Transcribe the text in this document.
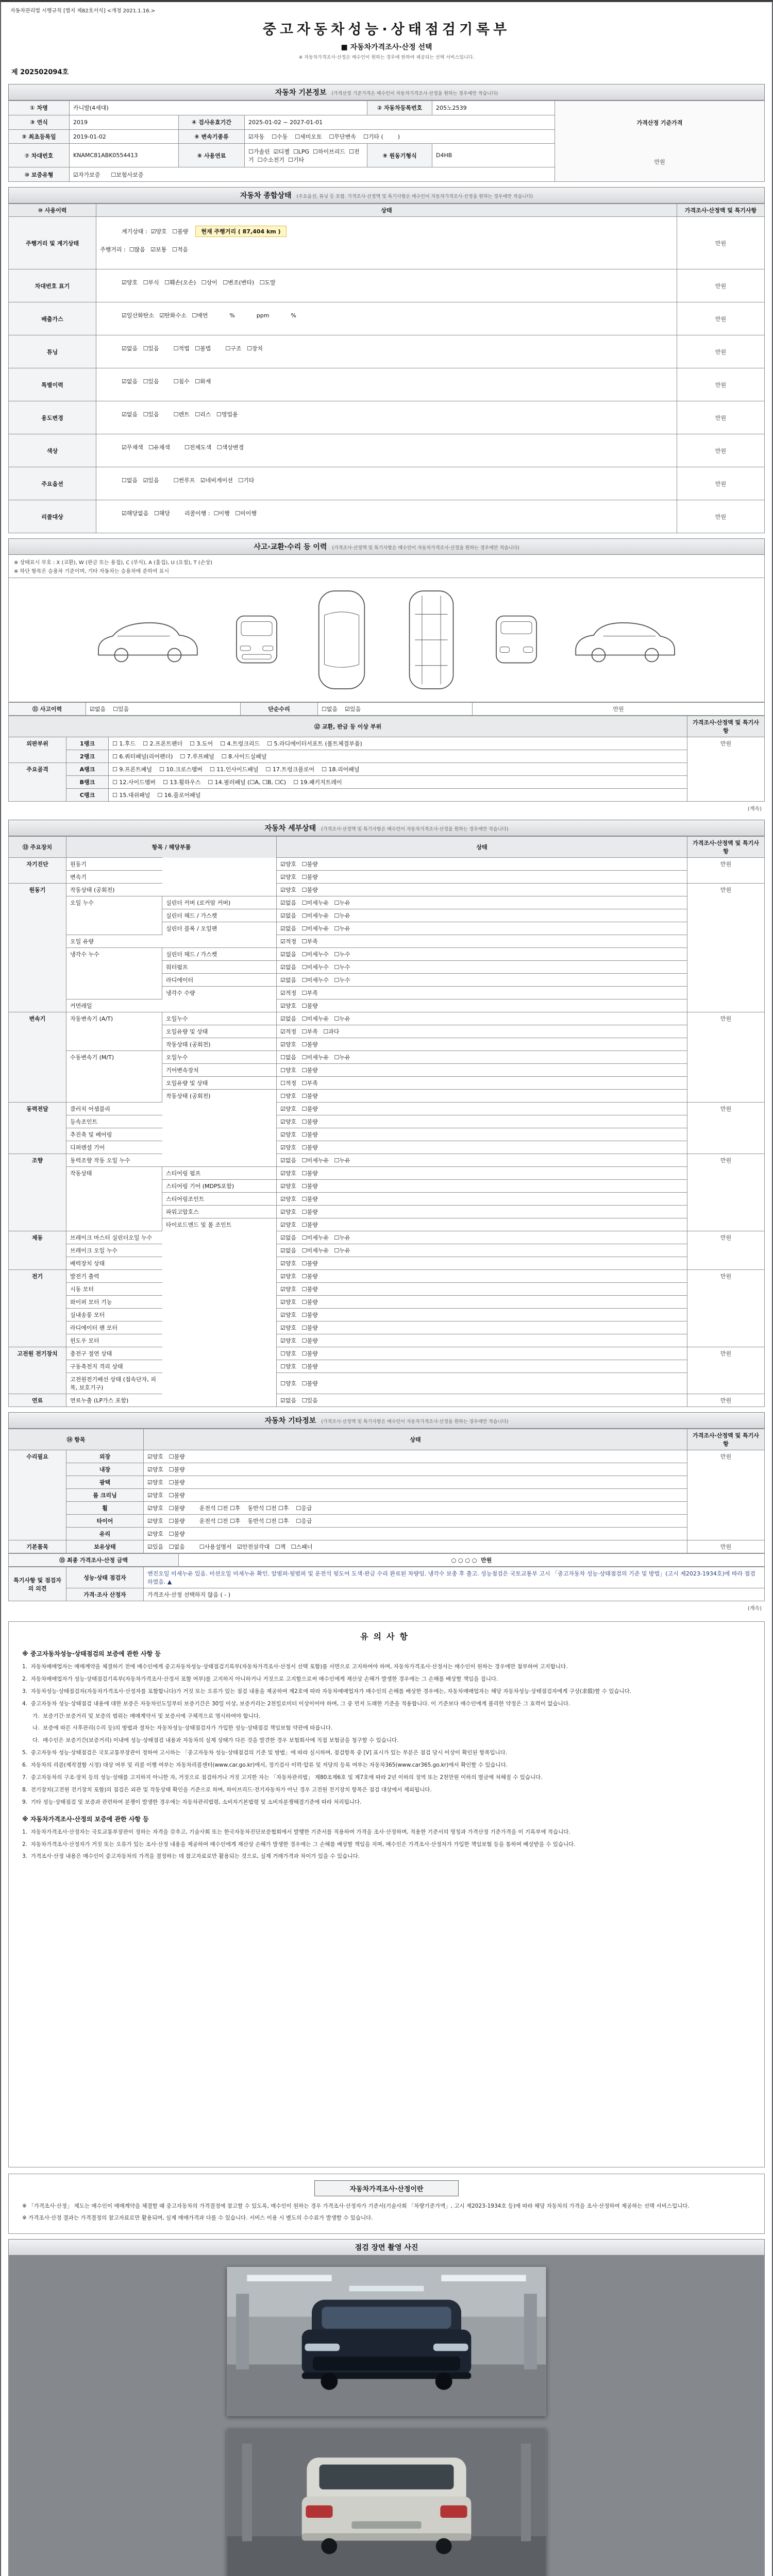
자동차관리법 시행규칙 [별지 제82호서식] <개정 2021.1.16.>
중고자동차성능·상태점검기록부
■ 자동차가격조사·산정 선택
※ 자동차가격조사·산정은 매수인이 원하는 경우에 한하여 제공되는 선택 서비스입니다.
제 202502094호
자동차 기본정보 (가격산정 기준가격은 매수인이 자동차가격조사·산정을 원하는 경우에만 적습니다)
① 차명	카니발(4세대)			② 자동차등록번호	205노2539	가격산정 기준가격

만원

③ 연식	2019	④ 검사유효기간	2025-01-02 ~ 2027-01-01			
⑤ 최초등록일	2019-01-02	⑥ 변속기종류	☑자동    ☐수동    ☐세미오토    ☐무단변속    ☐기타 (        )			
⑦ 차대번호	KNAMC81ABK0554413	⑧ 사용연료	☐가솔린  ☑디젤  ☐LPG  ☐하이브리드  ☐전기  ☐수소전기  ☐기타	⑨ 원동기형식	D4HB	
⑩ 보증유형	☑자가보증      ☐보험사보증					
자동차 종합상태 (주요옵션, 튜닝 등 포함. 가격조사·산정액 및 특기사항은 매수인이 자동차가격조사·산정을 원하는 경우에만 적습니다)
⑩ 사용이력	상태	가격조사·산정액 및 특기사항
주행거리 및 계기상태	계기상태 :  ☑양호   ☐불량 현재 주행거리 ( 87,404 km )

주행거리 :  ☐많음   ☑보통   ☐적음	만원
차대번호 표기	☑양호   ☐부식   ☐훼손(오손)   ☐상이   ☐변조(변타)   ☐도말	만원
배출가스	☑일산화탄소   ☑탄화수소   ☐매연            %            ppm            %	만원
튜닝	☑없음   ☐있음        ☐적법   ☐불법        ☐구조   ☐장치	만원
특별이력	☑없음   ☐있음        ☐침수   ☐화재	만원
용도변경	☑없음   ☐있음        ☐렌트   ☐리스   ☐영업용	만원
색상	☑무채색   ☐유채색        ☐전체도색   ☐색상변경	만원
주요옵션	☐없음   ☑있음        ☐썬루프   ☑네비게이션   ☐기타	만원
리콜대상	☑해당없음   ☐해당        리콜이행 :  ☐이행   ☐미이행	만원
사고·교환·수리 등 이력 (가격조사·산정액 및 특기사항은 매수인이 자동차가격조사·산정을 원하는 경우에만 적습니다)
※ 상태표시 부호 : X (교환), W (판금 또는 용접), C (부식), A (흠집), U (요철), T (손상)
※ 하단 항목은 승용차 기준이며, 기타 자동차는 승용차에 준하여 표시
⑪ 사고이력	☑없음    ☐있음	단순수리	☐없음    ☑있음	만원
⑫ 교환, 판금 등 이상 부위			가격조사·산정액 및 특기사항
외판부위	1랭크	☐ 1.후드    ☐ 2.프론트펜더    ☐ 3.도어    ☐ 4.트렁크리드    ☐ 5.라디에이터서포트 (볼트체결부품)	만원
	2랭크	☐ 6.쿼터패널(리어펜더)    ☐ 7.루프패널    ☐ 8.사이드실패널	
주요골격	A랭크	☐ 9.프론트패널    ☐ 10.크로스멤버    ☐ 11.인사이드패널    ☐ 17.트렁크플로어    ☐ 18.리어패널	
	B랭크	☐ 12.사이드멤버    ☐ 13.휠하우스    ☐ 14.필러패널 (☐A, ☐B, ☐C)    ☐ 19.패키지트레이	
	C랭크	☐ 15.대쉬패널    ☐ 16.플로어패널	
(계속)
자동차 세부상태 (가격조사·산정액 및 특기사항은 매수인이 자동차가격조사·산정을 원하는 경우에만 적습니다)
⑬ 주요장치	항목 / 해당부품		상태	가격조사·산정액 및 특기사항
자기진단	원동기		☑양호   ☐불량	만원
	변속기		☑양호   ☐불량	
원동기	작동상태 (공회전)		☑양호   ☐불량	만원
	오일 누수	실린더 커버 (로커암 커버)	☑없음   ☐미세누유   ☐누유	
		실린더 헤드 / 가스켓	☑없음   ☐미세누유   ☐누유	
		실린더 블록 / 오일팬	☑없음   ☐미세누유   ☐누유	
	오일 유량		☑적정   ☐부족	
	냉각수 누수	실린더 헤드 / 가스켓	☑없음   ☐미세누수   ☐누수	
		워터펌프	☑없음   ☐미세누수   ☐누수	
		라디에이터	☑없음   ☐미세누수   ☐누수	
		냉각수 수량	☑적정   ☐부족	
	커먼레일		☑양호   ☐불량	
변속기	자동변속기 (A/T)	오일누수	☑없음   ☐미세누유   ☐누유	만원
		오일유량 및 상태	☑적정   ☐부족   ☐과다	
		작동상태 (공회전)	☑양호   ☐불량	
	수동변속기 (M/T)	오일누수	☐없음   ☐미세누유   ☐누유	
		기어변속장치	☐양호   ☐불량	
		오일유량 및 상태	☐적정   ☐부족	
		작동상태 (공회전)	☐양호   ☐불량	
동력전달	클러치 어셈블리		☑양호   ☐불량	만원
	등속조인트		☑양호   ☐불량	
	추진축 및 베어링		☑양호   ☐불량	
	디퍼렌셜 기어		☑양호   ☐불량	
조향	동력조향 작동 오일 누수		☑없음   ☐미세누유   ☐누유	만원
	작동상태	스티어링 펌프	☑양호   ☐불량	
		스티어링 기어 (MDPS포함)	☑양호   ☐불량	
		스티어링조인트	☑양호   ☐불량	
		파워고압호스	☑양호   ☐불량	
		타이로드엔드 및 볼 조인트	☑양호   ☐불량	
제동	브레이크 마스터 실린더오일 누수		☑없음   ☐미세누유   ☐누유	만원
	브레이크 오일 누수		☑없음   ☐미세누유   ☐누유	
	배력장치 상태		☑양호   ☐불량	
전기	발전기 출력		☑양호   ☐불량	만원
	시동 모터		☑양호   ☐불량	
	와이퍼 모터 기능		☑양호   ☐불량	
	실내송풍 모터		☑양호   ☐불량	
	라디에이터 팬 모터		☑양호   ☐불량	
	윈도우 모터		☑양호   ☐불량	
고전원 전기장치	충전구 절연 상태		☐양호   ☐불량	만원
	구동축전지 격리 상태		☐양호   ☐불량	
	고전원전기배선 상태 (접속단자, 피복, 보호기구)		☐양호   ☐불량	
연료	연료누출 (LP가스 포함)		☑없음   ☐있음	만원
자동차 기타정보 (가격조사·산정액 및 특기사항은 매수인이 자동차가격조사·산정을 원하는 경우에만 적습니다)
⑭ 항목		상태	가격조사·산정액 및 특기사항
수리필요	외장	☑양호   ☐불량	만원
	내장	☑양호   ☐불량	
	광택	☑양호   ☐불량	
	룸 크리닝	☑양호   ☐불량	
	휠	☑양호   ☐불량        운전석 ☐전 ☐후    동반석 ☐전 ☐후    ☐응급	
	타이어	☑양호   ☐불량        운전석 ☐전 ☐후    동반석 ☐전 ☐후    ☐응급	
	유리	☑양호   ☐불량	
기본품목	보유상태	☑있음   ☐없음        ☐사용설명서   ☑안전삼각대   ☐잭   ☐스패너	만원
⑮ 최종 가격조사·산정 금액	○ ○ ○ ○  만원
특기사항 및 점검자의 의견	성능·상태 점검자	엔진오일 미세누유 있음. 미션오일 미세누유 확인. 앞범퍼·뒷범퍼 및 운전석 뒷도어 도색·판금 수리 완료된 차량임. 냉각수 보충 후 출고. 성능점검은 국토교통부 고시 「중고자동차 성능·상태점검의 기준 및 방법」(고시 제2023-1934호)에 따라 점검하였음. ▲
	가격·조사 산정자	가격조사·산정 선택하지 않음 ( - )
(계속)
유의사항
※ 중고자동차성능·상태점검의 보증에 관한 사항 등

1.  자동차매매업자는 매매계약을 체결하기 전에 매수인에게 중고자동차성능·상태점검기록부(자동차가격조사·산정서 선택 포함)를 서면으로 고지하여야 하며, 자동차가격조사·산정서는 매수인이 원하는 경우에만 첨부하여 고지합니다.

2.  자동차매매업자가 성능·상태점검기록부(자동차가격조사·산정서 포함 여부)를 고지하지 아니하거나 거짓으로 고지함으로써 매수인에게 재산상 손해가 발생한 경우에는 그 손해를 배상할 책임을 집니다.

3.  자동차성능·상태점검자(자동차가격조사·산정자를 포함합니다)가 거짓 또는 오류가 있는 점검 내용을 제공하여 제2호에 따라 자동차매매업자가 매수인의 손해를 배상한 경우에는, 자동차매매업자는 해당 자동차성능·상태점검자에게 구상(求償)할 수 있습니다.

4.  중고자동차 성능·상태점검 내용에 대한 보증은 자동차인도일부터 보증기간은 30일 이상, 보증거리는 2천킬로미터 이상이어야 하며, 그 중 먼저 도래한 기준을 적용합니다. 이 기준보다 매수인에게 불리한 약정은 그 효력이 없습니다.

가.  보증기간·보증거리 및 보증의 범위는 매매계약서 및 보증서에 구체적으로 명시하여야 합니다.

나.  보증에 따른 사후관리(수리 등)의 방법과 절차는 자동차성능·상태점검자가 가입한 성능·상태점검 책임보험 약관에 따릅니다.

다.  매수인은 보증기간(보증거리) 이내에 성능·상태점검 내용과 자동차의 실제 상태가 다른 것을 발견한 경우 보험회사에 직접 보험금을 청구할 수 있습니다.

5.  중고자동차 성능·상태점검은 국토교통부장관이 정하여 고시하는 「중고자동차 성능·상태점검의 기준 및 방법」에 따라 실시하며, 점검항목 중 [V] 표시가 있는 부분은 점검 당시 이상이 확인된 항목입니다.

6.  자동차의 리콜(제작결함 시정) 대상 여부 및 리콜 이행 여부는 자동차리콜센터(www.car.go.kr)에서, 정기검사 이력·압류 및 저당의 등록 여부는 자동차365(www.car365.go.kr)에서 확인할 수 있습니다.

7.  중고자동차의 구조·장치 등의 성능·상태를 고지하지 아니한 자, 거짓으로 점검하거나 거짓 고지한 자는 「자동차관리법」 제80조제6호 및 제7호에 따라 2년 이하의 징역 또는 2천만원 이하의 벌금에 처해질 수 있습니다.

8.  전기장치(고전원 전기장치 포함)의 점검은 외관 및 작동상태 확인을 기준으로 하며, 하이브리드·전기자동차가 아닌 경우 고전원 전기장치 항목은 점검 대상에서 제외됩니다.

9.  기타 성능·상태점검 및 보증과 관련하여 분쟁이 발생한 경우에는 자동차관리법령, 소비자기본법령 및 소비자분쟁해결기준에 따라 처리됩니다.

※ 자동차가격조사·산정의 보증에 관한 사항 등

1.  자동차가격조사·산정자는 국토교통부장관이 정하는 자격을 갖추고, 기술사회 또는 한국자동차진단보증협회에서 발행한 기준서를 적용하여 가격을 조사·산정하며, 적용한 기준서의 명칭과 가격산정 기준가격을 이 기록부에 적습니다.

2.  자동차가격조사·산정자가 거짓 또는 오류가 있는 조사·산정 내용을 제공하여 매수인에게 재산상 손해가 발생한 경우에는 그 손해를 배상할 책임을 지며, 매수인은 가격조사·산정자가 가입한 책임보험 등을 통하여 배상받을 수 있습니다.

3.  가격조사·산정 내용은 매수인이 중고자동차의 가격을 결정하는 데 참고자료로만 활용되는 것으로, 실제 거래가격과 차이가 있을 수 있습니다.

자동차가격조사·산정이란

※ 「가격조사·산정」 제도는 매수인이 매매계약을 체결할 때 중고자동차의 가격결정에 참고할 수 있도록, 매수인이 원하는 경우 가격조사·산정자가 기준서(기술사회 「차량기준가액」, 고시 제2023-1934호 등)에 따라 해당 자동차의 가격을 조사·산정하여 제공하는 선택 서비스입니다.

※ 가격조사·산정 결과는 가격결정의 참고자료로만 활용되며, 실제 매매가격과 다를 수 있습니다. 서비스 이용 시 별도의 수수료가 발생할 수 있습니다.

점검 장면 촬영 사진
